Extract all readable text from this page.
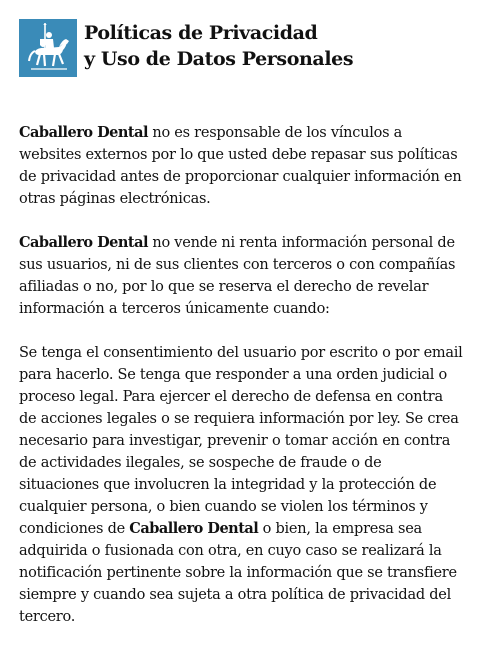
Políticas de Privacidad
y Uso de Datos Personales

Caballero Dental no es responsable de los vínculos a websites externos por lo que usted debe repasar sus políticas de privacidad antes de proporcionar cualquier información en otras páginas electrónicas.

Caballero Dental no vende ni renta información personal de sus usuarios, ni de sus clientes con terceros o con compañías afiliadas o no, por lo que se reserva el derecho de revelar información a terceros únicamente cuando:

Se tenga el consentimiento del usuario por escrito o por email para hacerlo. Se tenga que responder a una orden judicial o proceso legal. Para ejercer el derecho de defensa en contra de acciones legales o se requiera información por ley. Se crea necesario para investigar, prevenir o tomar acción en contra de actividades ilegales, se sospeche de fraude o de situaciones que involucren la integridad y la protección de cualquier persona, o bien cuando se violen los términos y condiciones de Caballero Dental o bien, la empresa sea adquirida o fusionada con otra, en cuyo caso se realizará la notificación pertinente sobre la información que se transfiere siempre y cuando sea sujeta a otra política de privacidad del tercero.
